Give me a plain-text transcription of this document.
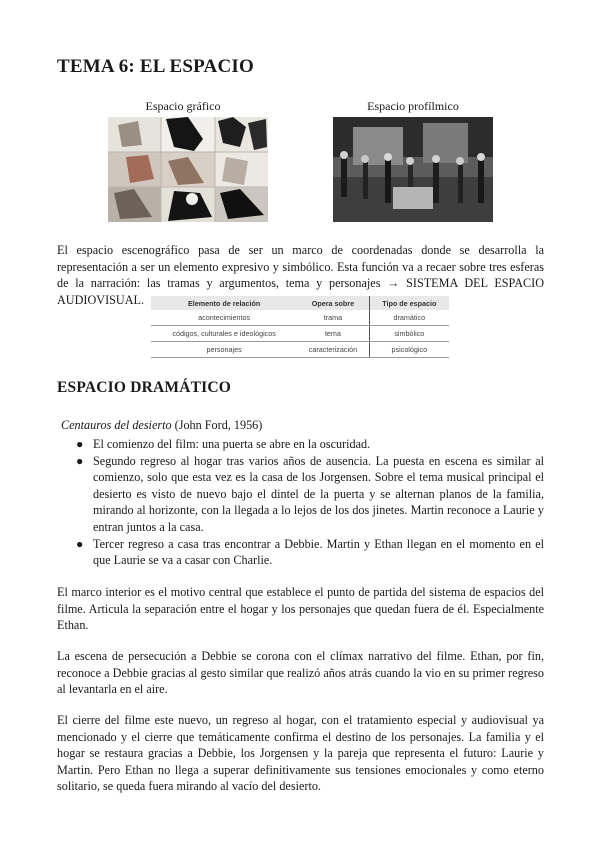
TEMA 6: EL ESPACIO
Espacio gráfico	Espacio profílmico

El espacio escenográfico pasa de ser un marco de coordenadas donde se desarrolla la representación a ser un elemento expresivo y simbólico. Esta función va a recaer sobre tres esferas de la narración: las tramas y argumentos, tema y personajes → SISTEMA DEL ESPACIO AUDIOVISUAL.	Elemento de relación	Opera sobre	Tipo de espacio
acontecimientos	trama	dramático
códigos, culturales e ideológicos	tema	simbólico
personajes	caracterización	psicológico
ESPACIO DRAMÁTICO
Centauros del desierto (John Ford, 1956)
● El comienzo del film: una puerta se abre en la oscuridad.
● Segundo regreso al hogar tras varios años de ausencia. La puesta en escena es similar al comienzo, solo que esta vez es la casa de los Jorgensen. Sobre el tema musical principal el desierto es visto de nuevo bajo el dintel de la puerta y se alternan planos de la familia, mirando al horizonte, con la llegada a lo lejos de los dos jinetes. Martin reconoce a Laurie y entran juntos a la casa.
● Tercer regreso a casa tras encontrar a Debbie. Martin y Ethan llegan en el momento en el que Laurie se va a casar con Charlie.

El marco interior es el motivo central que establece el punto de partida del sistema de espacios del filme. Articula la separación entre el hogar y los personajes que quedan fuera de él. Especialmente Ethan.

La escena de persecución a Debbie se corona con el clímax narrativo del filme. Ethan, por fin, reconoce a Debbie gracias al gesto similar que realizó años atrás cuando la vio en su primer regreso al levantarla en el aire.

El cierre del filme este nuevo, un regreso al hogar, con el tratamiento especial y audiovisual ya mencionado y el cierre que temáticamente confirma el destino de los personajes. La familia y el hogar se restaura gracias a Debbie, los Jorgensen y la pareja que representa el futuro: Laurie y Martin. Pero Ethan no llega a superar definitivamente sus tensiones emocionales y como eterno solitario, se queda fuera mirando al vacío del desierto.
